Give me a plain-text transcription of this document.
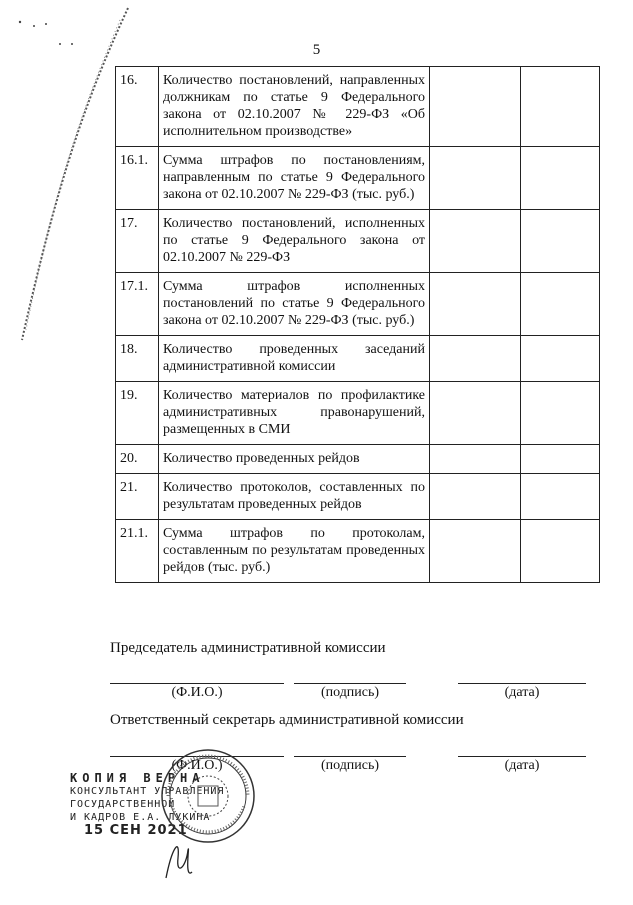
5
16.	Количество постановлений, направленных должникам по статье 9 Федерального закона от 02.10.2007 № 229-ФЗ «Об исполнительном производстве»		
16.1.	Сумма штрафов по постановлениям, направленным по статье 9 Федерального закона от 02.10.2007 № 229-ФЗ (тыс. руб.)		
17.	Количество постановлений, исполненных по статье 9 Федерального закона от 02.10.2007 № 229-ФЗ		
17.1.	Сумма штрафов исполненных постановлений по статье 9 Федерального закона от 02.10.2007 № 229-ФЗ (тыс. руб.)		
18.	Количество проведенных заседаний административной комиссии		
19.	Количество материалов по профилактике административных правонарушений, размещенных в СМИ		
20.	Количество проведенных рейдов		
21.	Количество протоколов, составленных по результатам проведенных рейдов		
21.1.	Сумма штрафов по протоколам, составленным по результатам проведенных рейдов (тыс. руб.)		
Председатель административной комиссии
(Ф.И.О.)	(подпись)	(дата)
Ответственный секретарь административной комиссии
(Ф.И.О.)	(подпись)	(дата)
КОПИЯ ВЕРНА
КОНСУЛЬТАНТ УПРАВЛЕНИЯ
ГОСУДАРСТВЕННОЙ
И КАДРОВ Е.А. ЛУКИНА
15 СЕН 2021
